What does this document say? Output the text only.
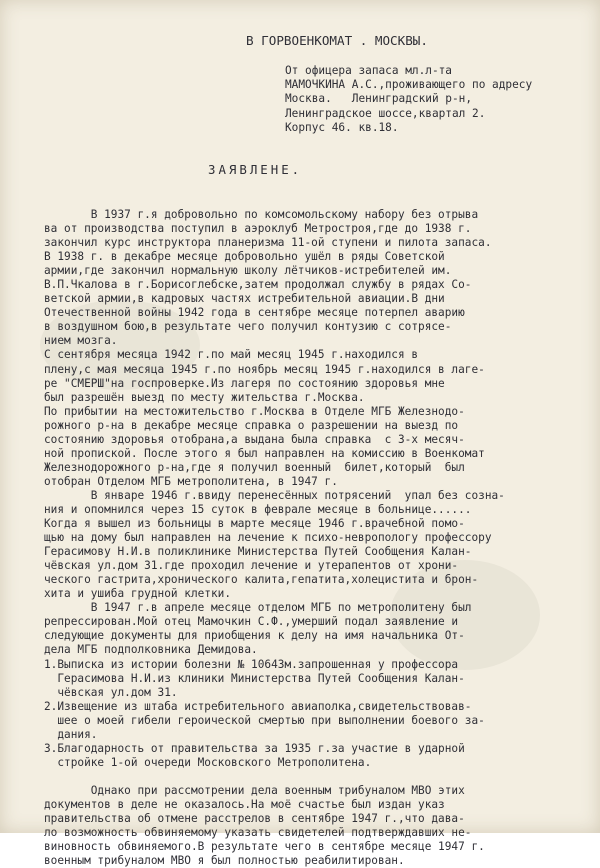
В ГОРВОЕНКОМАТ . МОСКВЫ.
От офицера запаса мл.л-та
МАМОЧКИНА А.С.,проживающего по адресу
Москва.   Ленинградский р-н,
Ленинградское шоссе,квартал 2.
Корпус 46. кв.18.
ЗАЯВЛЕНЕ.
В 1937 г.я добровольно по комсомольскому набору без отрыва
ва от производства поступил в аэроклуб Метростроя,где до 1938 г.
закончил курс инструктора планеризма 11-ой ступени и пилота запаса.
В 1938 г. в декабре месяце добровольно ушёл в ряды Советской
армии,где закончил нормальную школу лётчиков-истребителей им.
В.П.Чкалова в г.Борисоглебске,затем продолжал службу в рядах Со-
ветской армии,в кадровых частях истребительной авиации.В дни
Отечественной войны 1942 года в сентябре месяце потерпел аварию
в воздушном бою,в результате чего получил контузию с сотрясе-
нием мозга.
С сентября месяца 1942 г.по май месяц 1945 г.находился в
плену,с мая месяца 1945 г.по ноябрь месяц 1945 г.находился в лаге-
ре "СМЕРШ"на госпроверке.Из лагеря по состоянию здоровья мне
был разрешён выезд по месту жительства г.Москва.
По прибытии на местожительство г.Москва в Отделе МГБ Железнодо-
рожного р-на в декабре месяце справка о разрешении на выезд по
состоянию здоровья отобрана,а выдана была справка  с 3-х месяч-
ной пропиской. После этого я был направлен на комиссию в Военкомат
Железнодорожного р-на,где я получил военный  билет,который  был
отобран Отделом МГБ метрополитена, в 1947 г.
В январе 1946 г.ввиду перенесённых потрясений  упал без созна-
ния и опомнился через 15 суток в феврале месяце в больнице......
Когда я вышел из больницы в марте месяце 1946 г.врачебной помо-
щью на дому был направлен на лечение к психо-невропологу профессору
Герасимову Н.И.в поликлинике Министерства Путей Сообщения Калан-
чёвская ул.дом 31.где проходил лечение и утерапентов от хрони-
ческого гастрита,хронического калита,гепатита,холецистита и брон-
хита и ушиба грудной клетки.
В 1947 г.в апреле месяце отделом МГБ по метрополитену был
репрессирован.Мой отец Мамочкин С.Ф.,умерший подал заявление и
следующие документы для приобщения к делу на имя начальника От-
дела МГБ подполковника Демидова.
1.Выписка из истории болезни № 10643м.запрошенная у профессора
Герасимова Н.И.из клиники Министерства Путей Сообщения Калан-
чёвская ул.дом 31.
2.Извещение из штаба истребительного авиаполка,свидетельствовав-
шее о моей гибели героической смертью при выполнении боевого за-
дания.
3.Благодарность от правительства за 1935 г.за участие в ударной
стройке 1-ой очереди Московского Метрополитена.

Однако при рассмотрении дела военным трибуналом МВО этих
документов в деле не оказалось.На моё счастье был издан указ
правительства об отмене расстрелов в сентябре 1947 г.,что дава-
ло возможность обвиняемому указать свидетелей подтверждавших не-
виновность обвиняемого.В результате чего в сентябре месяце 1947 г.
военным трибуналом МВО я был полностью реабилитирован.
